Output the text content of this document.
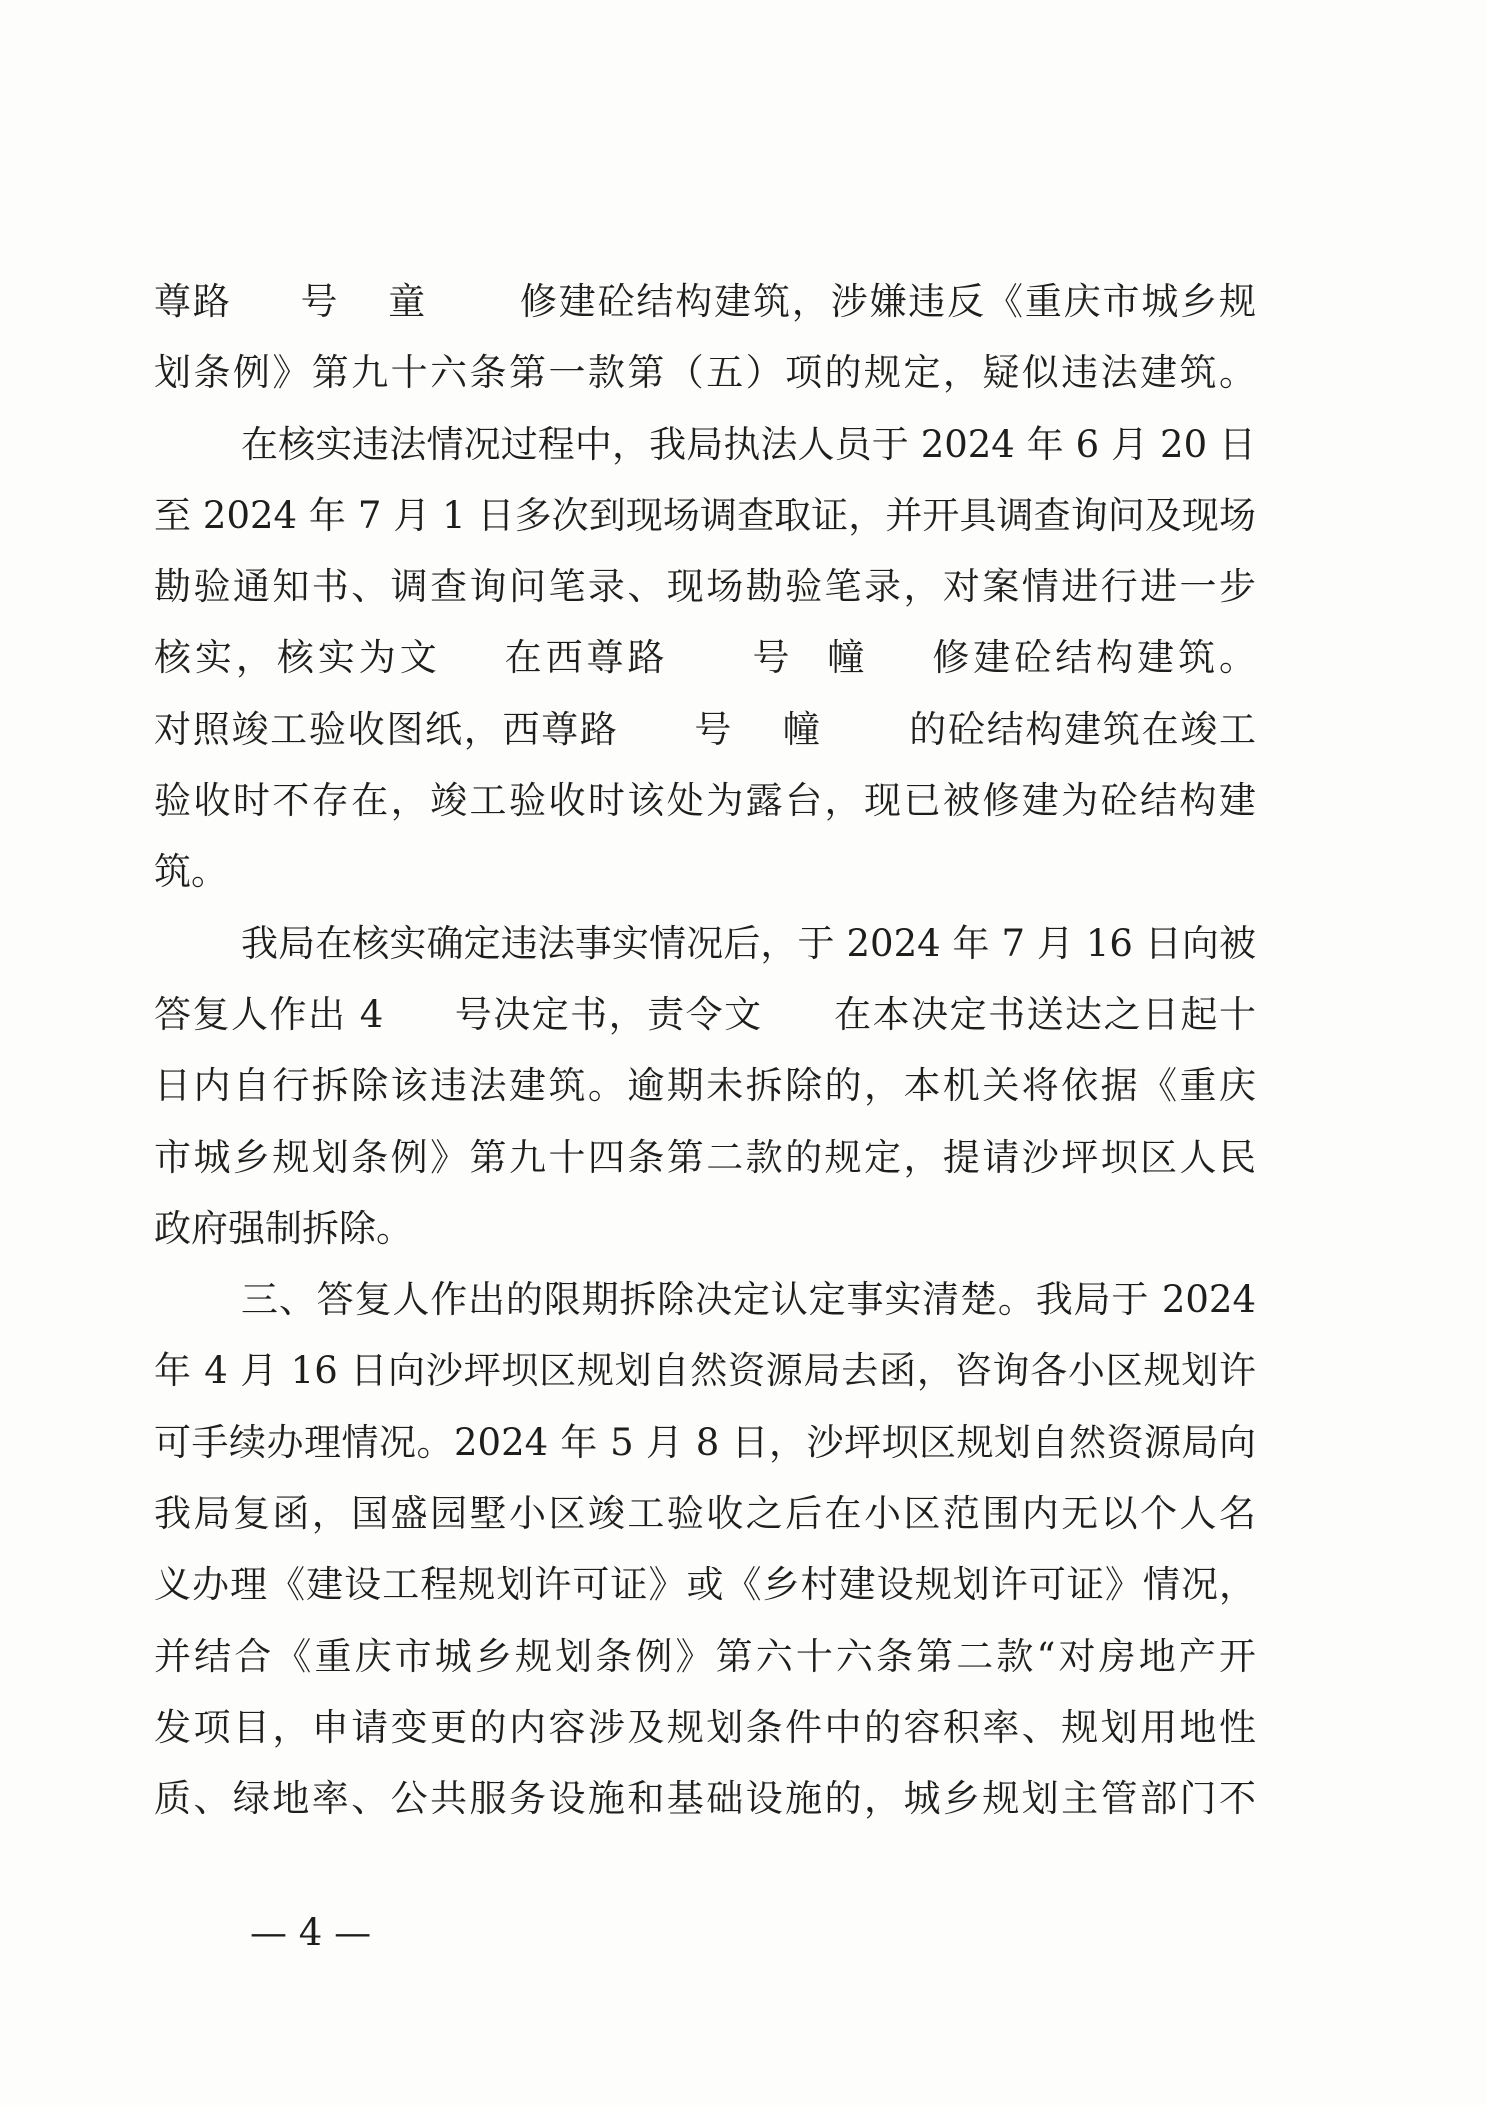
尊路 号 童 修建砼结构建筑，涉嫌违反《重庆市城乡规
划条例》第九十六条第一款第（五）项的规定，疑似违法建筑。
在核实违法情况过程中，我局执法人员于 2024 年 6 月 20 日
至 2024 年 7 月 1 日多次到现场调查取证，并开具调查询问及现场
勘验通知书、调查询问笔录、现场勘验笔录，对案情进行进一步
核实，核实为文 在西尊路 号 幢 修建砼结构建筑。
对照竣工验收图纸，西尊路 号 幢 的砼结构建筑在竣工
验收时不存在，竣工验收时该处为露台，现已被修建为砼结构建
筑。
我局在核实确定违法事实情况后，于 2024 年 7 月 16 日向被
答复人作出 4 号决定书，责令文 在本决定书送达之日起十
日内自行拆除该违法建筑。逾期未拆除的，本机关将依据《重庆
市城乡规划条例》第九十四条第二款的规定，提请沙坪坝区人民
政府强制拆除。
三、答复人作出的限期拆除决定认定事实清楚。我局于 2024
年 4 月 16 日向沙坪坝区规划自然资源局去函，咨询各小区规划许
可手续办理情况。2024 年 5 月 8 日，沙坪坝区规划自然资源局向
我局复函，国盛园墅小区竣工验收之后在小区范围内无以个人名
义办理《建设工程规划许可证》或《乡村建设规划许可证》情况，
并结合《重庆市城乡规划条例》第六十六条第二款“对房地产开
发项目，申请变更的内容涉及规划条件中的容积率、规划用地性
质、绿地率、公共服务设施和基础设施的，城乡规划主管部门不
— 4 —
